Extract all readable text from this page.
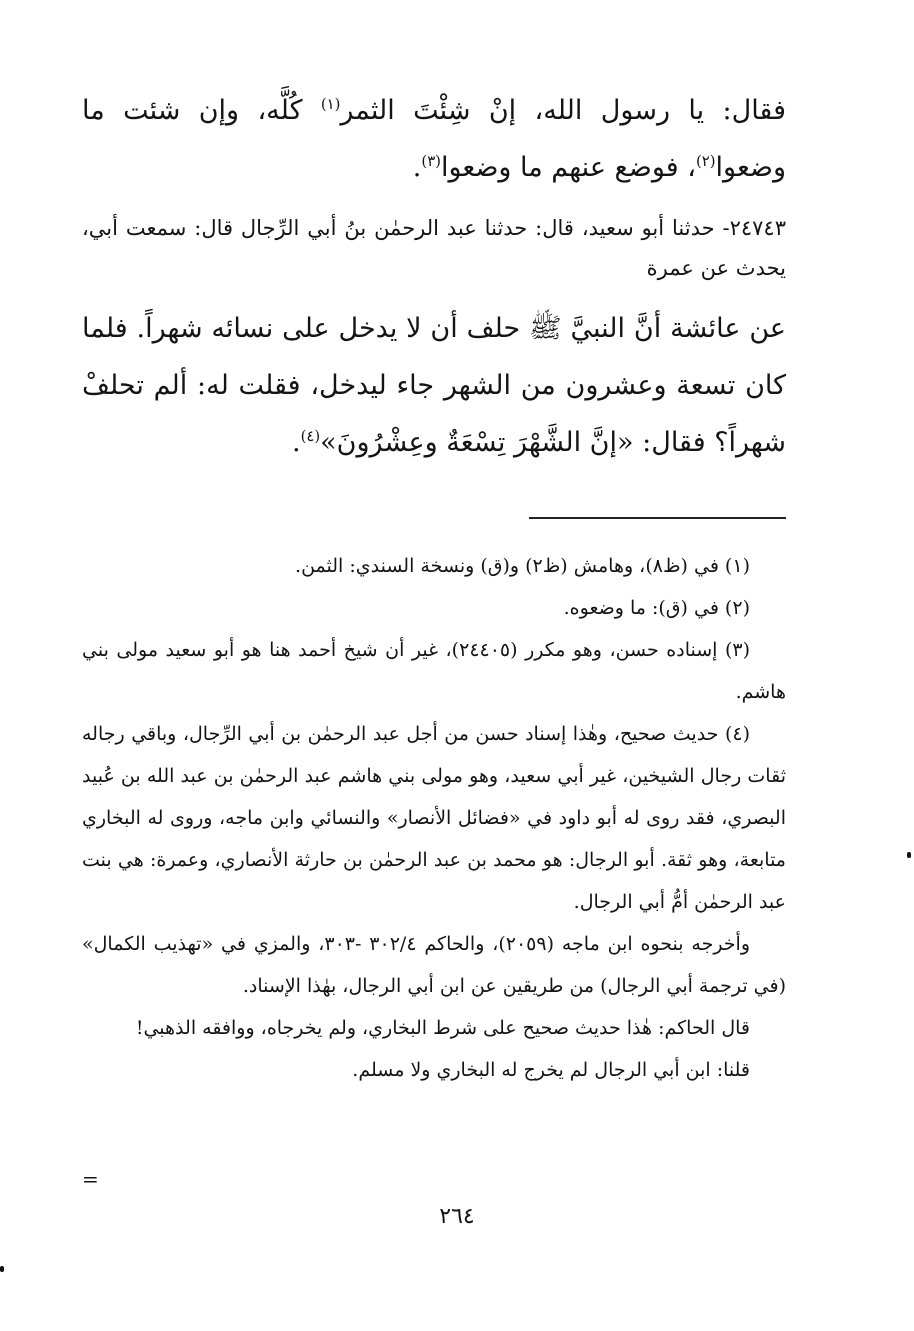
فقال: يا رسول الله، إنْ شِئْتَ الثمر$^{(١)}$ كُلَّه، وإن شئت ما وضعوا$^{(٢)}$، فوضع عنهم ما وضعوا$^{(٣)}$.

٢٤٧٤٣- حدثنا أبو سعيد، قال: حدثنا عبد الرحمٰن بنُ أبي الرِّجال قال: سمعت أبي، يحدث عن عمرة

عن عائشة أنَّ النبيَّ ﷺ حلف أن لا يدخل على نسائه شهراً. فلما كان تسعة وعشرون من الشهر جاء ليدخل، فقلت له: ألم تحلفْ شهراً؟ فقال: «إنَّ الشَّهْرَ تِسْعَةٌ وعِشْرُونَ»$^{(٤)}$.

(١) في (ظ٨)، وهامش (ظ٢) و(ق) ونسخة السندي: الثمن.

(٢) في (ق): ما وضعوه.

(٣) إسناده حسن، وهو مكرر (٢٤٤٠٥)، غير أن شيخ أحمد هنا هو أبو سعيد مولى بني هاشم.

(٤) حديث صحيح، وهٰذا إسناد حسن من أجل عبد الرحمٰن بن أبي الرِّجال، وباقي رجاله ثقات رجال الشيخين، غير أبي سعيد، وهو مولى بني هاشم عبد الرحمٰن بن عبد الله بن عُبيد البصري، فقد روى له أبو داود في «فضائل الأنصار» والنسائي وابن ماجه، وروى له البخاري متابعة، وهو ثقة. أبو الرجال: هو محمد بن عبد الرحمٰن بن حارثة الأنصاري، وعمرة: هي بنت عبد الرحمٰن أمُّ أبي الرجال.

وأخرجه بنحوه ابن ماجه (٢٠٥٩)، والحاكم ٣٠٢/٤ -٣٠٣، والمزي في «تهذيب الكمال» (في ترجمة أبي الرجال) من طريقين عن ابن أبي الرجال، بهٰذا الإسناد.

قال الحاكم: هٰذا حديث صحيح على شرط البخاري، ولم يخرجاه، ووافقه الذهبي!

قلنا: ابن أبي الرجال لم يخرج له البخاري ولا مسلم.

=
٢٦٤
